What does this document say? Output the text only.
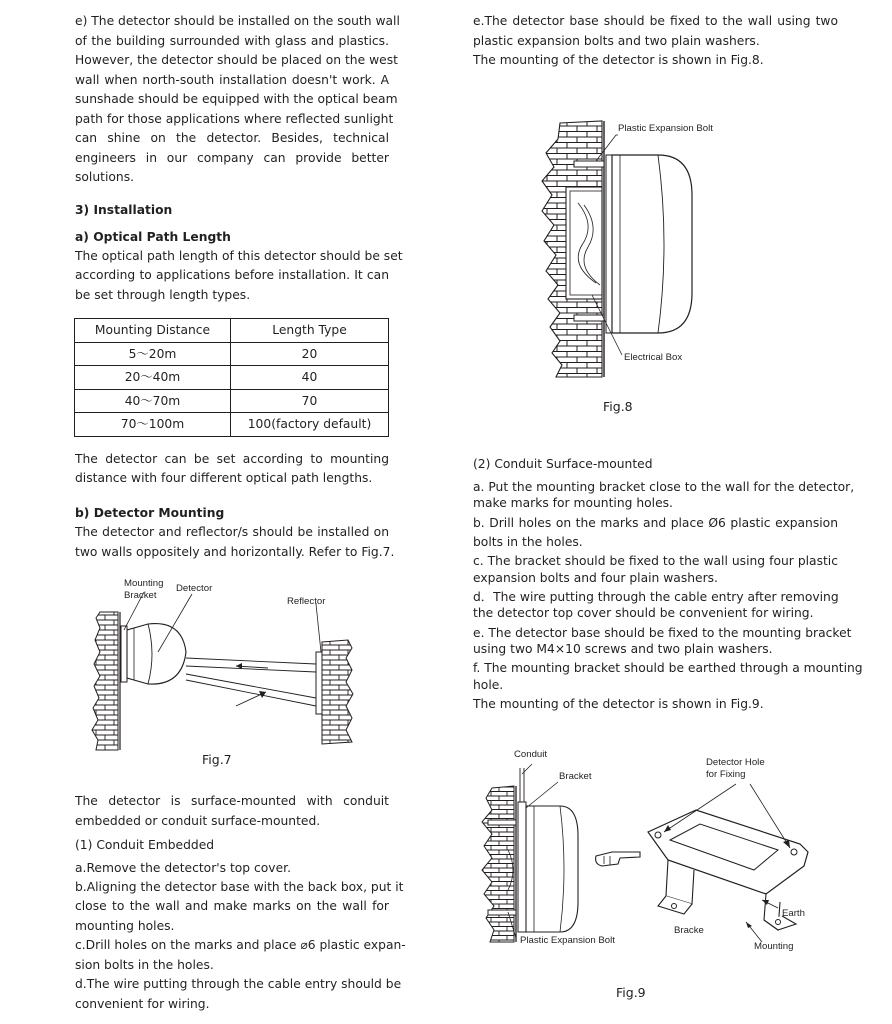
e) The detector should be installed on the south wall
of the building surrounded with glass and plastics.
However, the detector should be placed on the west
wall when north-south installation doesn't work. A
sunshade should be equipped with the optical beam
path for those applications where reflected sunlight
can shine on the detector. Besides, technical
engineers in our company can provide better
solutions.
3) Installation
a) Optical Path Length
The optical path length of this detector should be set
according to applications before installation. It can
be set through length types.
Mounting Distance	Length Type
5～20m	20
20～40m	40
40～70m	70
70～100m	100(factory default)
The detector can be set according to mounting
distance with four different optical path lengths.
b) Detector Mounting
The detector and reflector/s should be installed on
two walls oppositely and horizontally. Refer to Fig.7.
Mounting
Bracket
Detector
Reflector
Fig.7
The detector is surface-mounted with conduit
embedded or conduit surface-mounted.
(1) Conduit Embedded
a.Remove the detector's top cover.
b.Aligning the detector base with the back box, put it
close to the wall and make marks on the wall for
mounting holes.
c.Drill holes on the marks and place ⌀6 plastic expan-
sion bolts in the holes.
d.The wire putting through the cable entry should be
convenient for wiring.
e.The detector base should be fixed to the wall using two
plastic expansion bolts and two plain washers.
The mounting of the detector is shown in Fig.8.
Plastic Expansion Bolt
Electrical Box
Fig.8
(2) Conduit Surface-mounted
a. Put the mounting bracket close to the wall for the detector,
make marks for mounting holes.
b. Drill holes on the marks and place Ø6 plastic expansion
bolts in the holes.
c. The bracket should be fixed to the wall using four plastic
expansion bolts and four plain washers.
d．The wire putting through the cable entry after removing
the detector top cover should be convenient for wiring.
e. The detector base should be fixed to the mounting bracket
using two M4×10 screws and two plain washers.
f. The mounting bracket should be earthed through a mounting
hole.
The mounting of the detector is shown in Fig.9.
Conduit
Bracket
Detector Hole
for Fixing
Earth
Bracke
Mounting
Plastic Expansion Bolt
Fig.9
